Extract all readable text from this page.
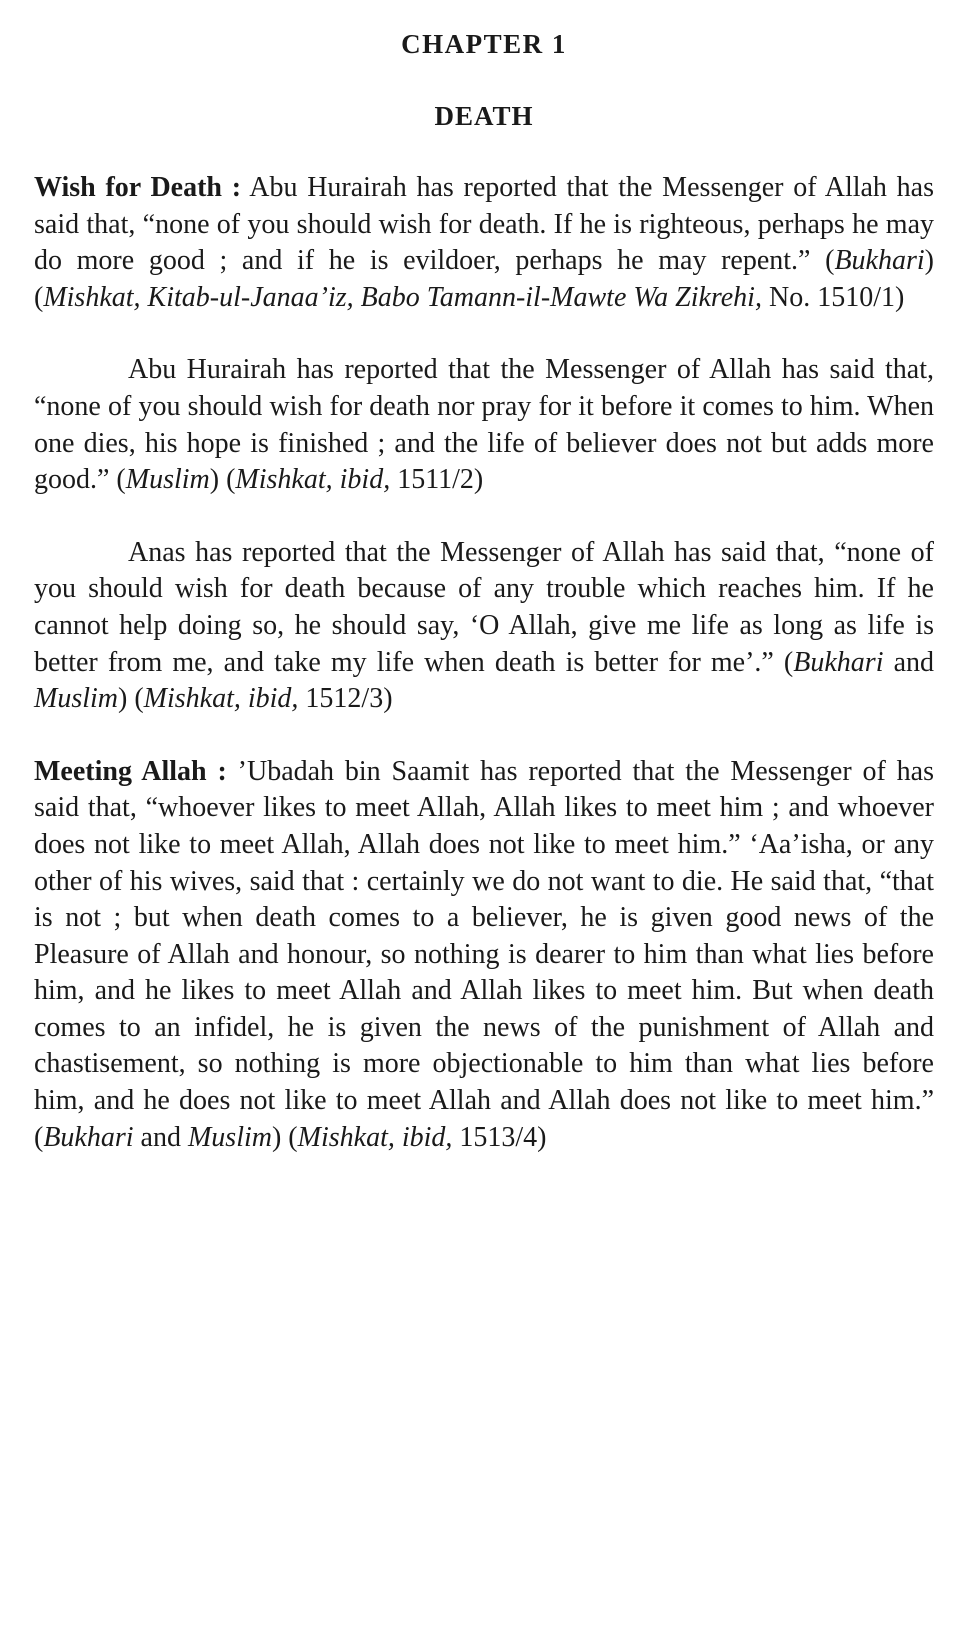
CHAPTER 1
DEATH

Wish for Death : Abu Hurairah has reported that the Messenger of Allah has said that, “none of you should wish for death. If he is righteous, perhaps he may do more good ; and if he is evildoer, perhaps he may repent.” (Bukhari) (Mishkat, Kitab-ul-Janaa’iz, Babo Tamann-il-Mawte Wa Zikrehi, No. 1510/1)

Abu Hurairah has reported that the Messenger of Allah has said that, “none of you should wish for death nor pray for it before it comes to him. When one dies, his hope is finished ; and the life of believer does not but adds more good.” (Muslim) (Mishkat, ibid, 1511/2)

Anas has reported that the Messenger of Allah has said that, “none of you should wish for death because of any trouble which reaches him. If he cannot help doing so, he should say, ‘O Allah, give me life as long as life is better from me, and take my life when death is better for me’.” (Bukhari and Muslim) (Mishkat, ibid, 1512/3)

Meeting Allah : ’Ubadah bin Saamit has reported that the Messenger of has said that, “whoever likes to meet Allah, Allah likes to meet him ; and whoever does not like to meet Allah, Allah does not like to meet him.” ‘Aa’isha, or any other of his wives, said that : certainly we do not want to die. He said that, “that is not ; but when death comes to a believer, he is given good news of the Pleasure of Allah and honour, so nothing is dearer to him than what lies before him, and he likes to meet Allah and Allah likes to meet him. But when death comes to an infidel, he is given the news of the punishment of Allah and chastisement, so nothing is more objectionable to him than what lies before him, and he does not like to meet Allah and Allah does not like to meet him.” (Bukhari and Muslim) (Mishkat, ibid, 1513/4)
